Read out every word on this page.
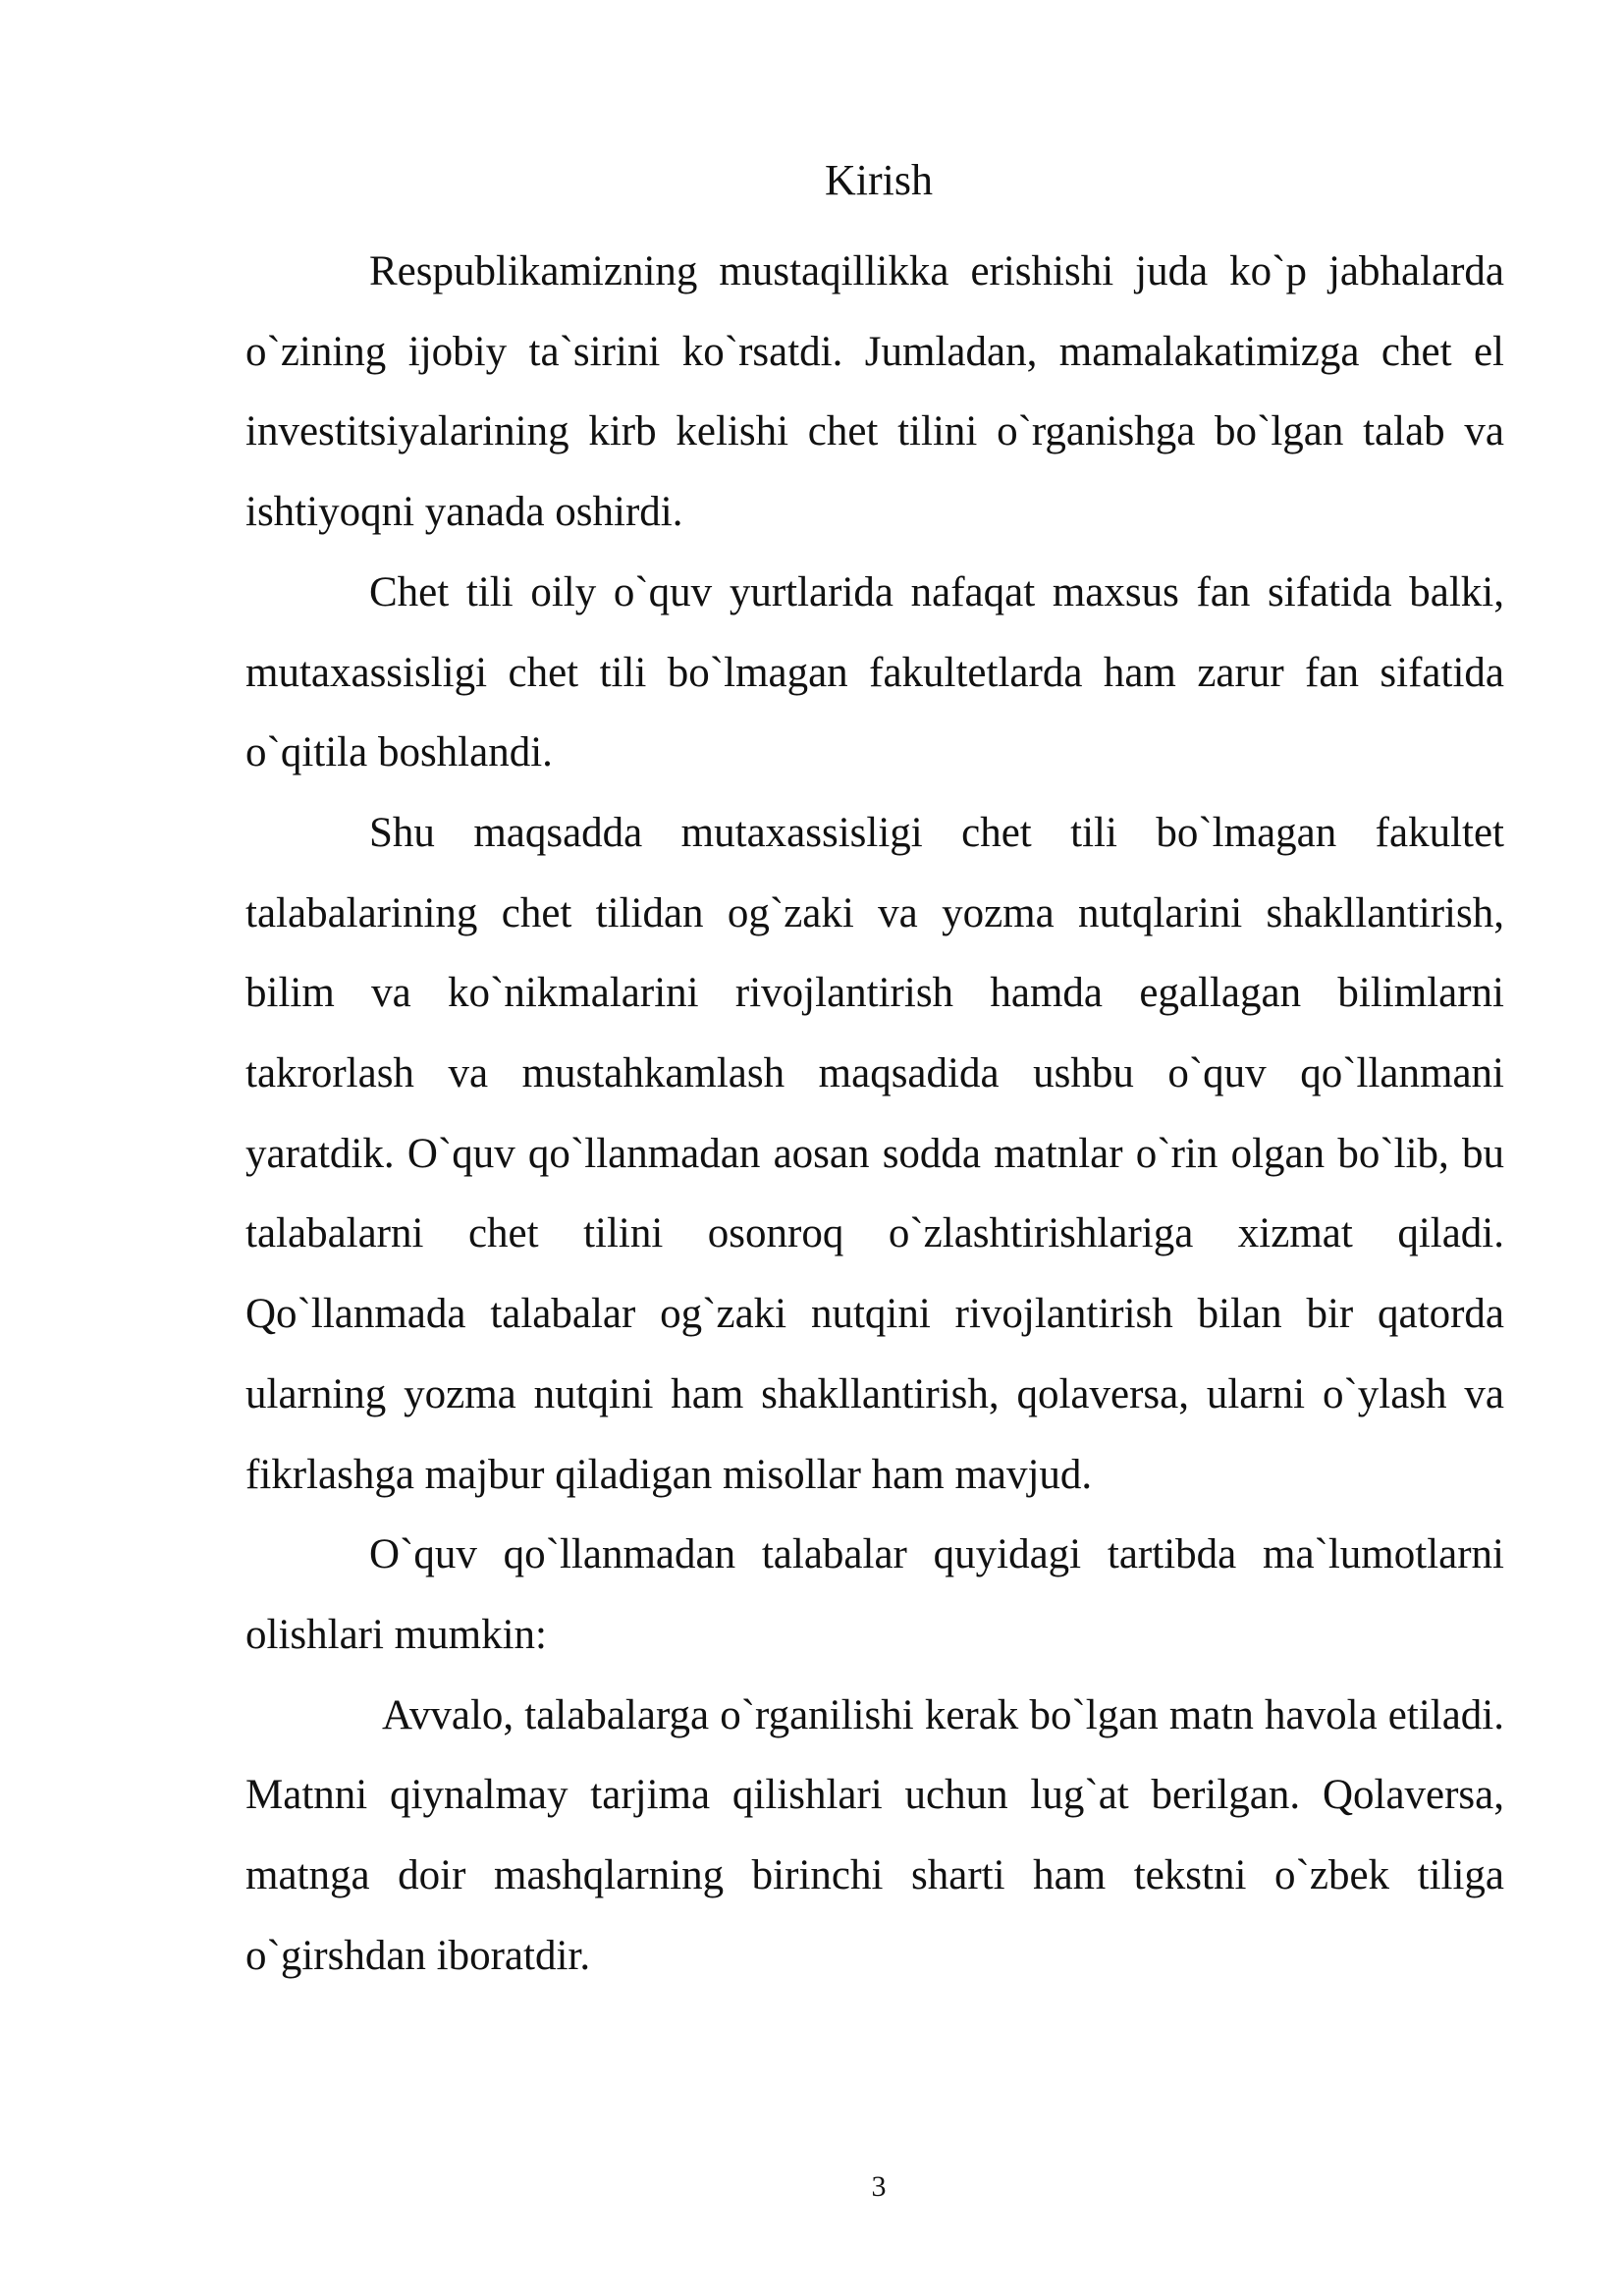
Kirish

Respublikamizning mustaqillikka erishishi juda ko`p jabhalarda o`zining ijobiy ta`sirini ko`rsatdi. Jumladan, mamalakatimizga chet el investitsiyalarining kirb kelishi chet tilini o`rganishga bo`lgan talab va ishtiyoqni yanada oshirdi.

Chet tili oily o`quv yurtlarida nafaqat maxsus fan sifatida balki, mutaxassisligi chet tili bo`lmagan fakultetlarda ham zarur fan sifatida o`qitila boshlandi.

Shu maqsadda mutaxassisligi chet tili bo`lmagan fakultet talabalarining chet tilidan og`zaki va yozma nutqlarini shakllantirish, bilim va ko`nikmalarini rivojlantirish hamda egallagan bilimlarni takrorlash va mustahkamlash maqsadida ushbu o`quv qo`llanmani yaratdik. O`quv qo`llanmadan aosan sodda matnlar o`rin olgan bo`lib, bu talabalarni chet tilini osonroq o`zlashtirishlariga xizmat qiladi. Qo`llanmada talabalar og`zaki nutqini rivojlantirish bilan bir qatorda ularning yozma nutqini ham shakllantirish, qolaversa, ularni o`ylash va fikrlashga majbur qiladigan misollar ham mavjud.

O`quv qo`llanmadan talabalar quyidagi tartibda ma`lumotlarni olishlari mumkin:

Avvalo, talabalarga o`rganilishi kerak bo`lgan matn havola etiladi. Matnni qiynalmay tarjima qilishlari uchun lug`at berilgan. Qolaversa, matnga doir mashqlarning birinchi sharti ham tekstni o`zbek tiliga o`girshdan iboratdir.

3
